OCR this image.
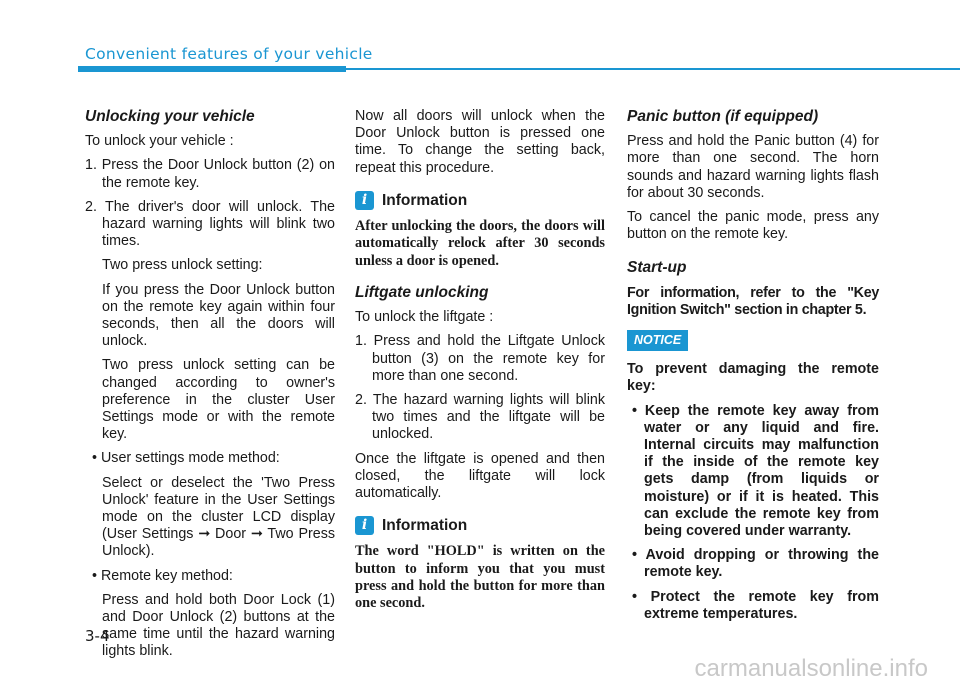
Convenient features of your vehicle
Unlocking your vehicle

To unlock your vehicle :

1. Press the Door Unlock button (2) on the remote key.

2. The driver's door will unlock. The hazard warning lights will blink two times.

Two press unlock setting:

If you press the Door Unlock button on the remote key again within four seconds, then all the doors will unlock.

Two press unlock setting can be changed according to owner's preference in the cluster User Settings mode or with the remote key.

• User settings mode method:

Select or deselect the 'Two Press Unlock' feature in the User Settings mode on the cluster LCD display (User Settings ➞ Door ➞ Two Press Unlock).

• Remote key method:

Press and hold both Door Lock (1) and Door Unlock (2) buttons at the same time until the hazard warning lights blink.

Now all doors will unlock when the Door Unlock button is pressed one time. To change the setting back, repeat this procedure.

i Information
After unlocking the doors, the doors will automatically relock after 30 seconds unless a door is opened.
Liftgate unlocking

To unlock the liftgate :

1. Press and hold the Liftgate Unlock button (3) on the remote key for more than one second.

2. The hazard warning lights will blink two times and the liftgate will be unlocked.

Once the liftgate is opened and then closed, the liftgate will lock automatically.

i Information
The word "HOLD" is written on the button to inform you that you must press and hold the button for more than one second.
Panic button (if equipped)

Press and hold the Panic button (4) for more than one second. The horn sounds and hazard warning lights flash for about 30 seconds.

To cancel the panic mode, press any button on the remote key.

Start-up

For information, refer to the "Key Ignition Switch" section in chapter 5.

NOTICE

To prevent damaging the remote key:

• Keep the remote key away from water or any liquid and fire. Internal circuits may malfunction if the inside of the remote key gets damp (from liquids or moisture) or if it is heated. This can exclude the remote key from being covered under warranty.

• Avoid dropping or throwing the remote key.

• Protect the remote key from extreme temperatures.

3-4
carmanualsonline.info
